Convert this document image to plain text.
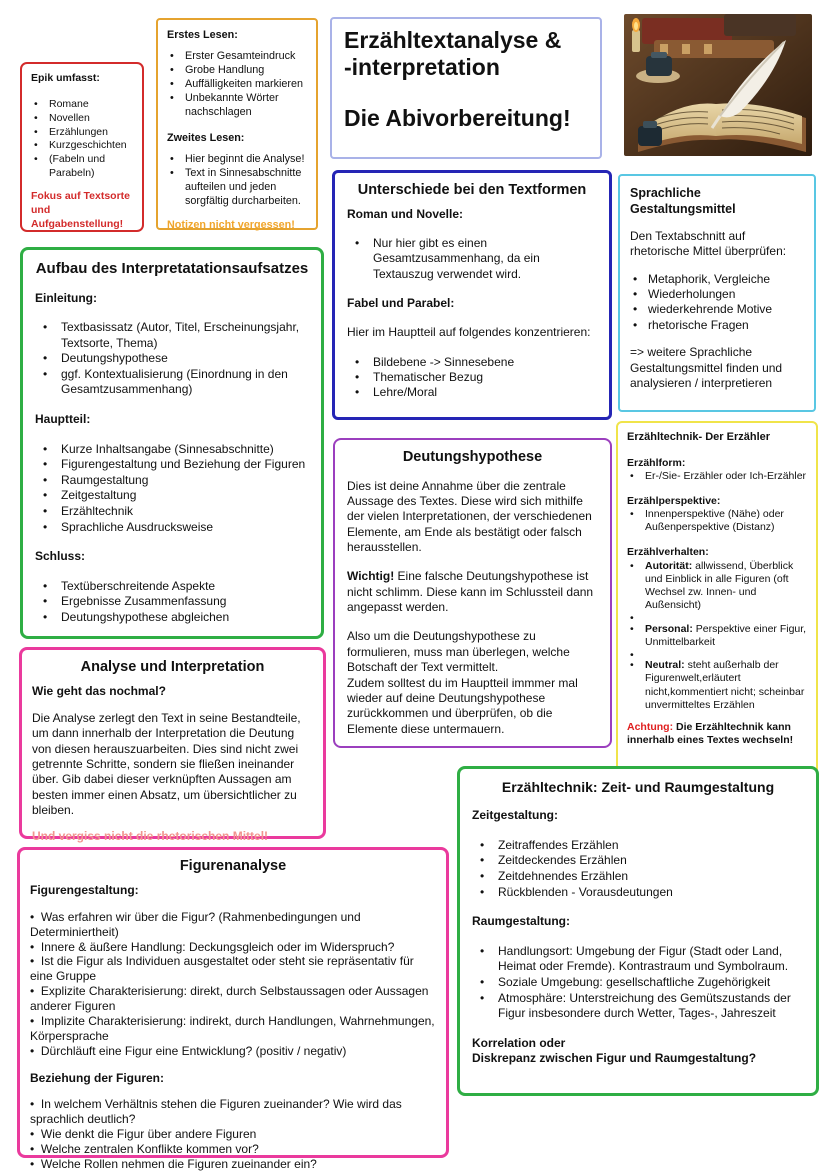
Epik umfasst:
• Romane
• Novellen
• Erzählungen
• Kurzgeschichten
• (Fabeln und Parabeln)
Fokus auf Textsorte und Aufgabenstellung!
Erstes Lesen:
• Erster Gesamteindruck
• Grobe Handlung
• Auffälligkeiten markieren
• Unbekannte Wörter nachschlagen
Zweites Lesen:
• Hier beginnt die Analyse!
• Text in Sinnesabschnitte aufteilen und jeden sorgfältig durcharbeiten.
Notizen nicht vergessen!
Erzähltextanalyse &
-interpretation
Die Abivorbereitung!
Unterschiede bei den Textformen
Roman und Novelle:
• Nur hier gibt es einen Gesamtzusammenhang, da ein Textauszug verwendet wird.
Fabel und Parabel:
Hier im Hauptteil auf folgendes konzentrieren:
• Bildebene -> Sinnesebene
• Thematischer Bezug
• Lehre/Moral
Sprachliche
Gestaltungsmittel
Den Textabschnitt auf rhetorische Mittel überprüfen:
• Metaphorik, Vergleiche
• Wiederholungen
• wiederkehrende Motive
• rhetorische Fragen
=> weitere Sprachliche Gestaltungsmittel finden und analysieren / interpretieren
Aufbau des Interpretatationsaufsatzes
Einleitung:
• Textbasissatz (Autor, Titel, Erscheinungsjahr, Textsorte, Thema)
• Deutungshypothese
• ggf. Kontextualisierung (Einordnung in den Gesamtzusammenhang)
Hauptteil:
• Kurze Inhaltsangabe (Sinnesabschnitte)
• Figurengestaltung und Beziehung der Figuren
• Raumgestaltung
• Zeitgestaltung
• Erzähltechnik
• Sprachliche Ausdrucksweise
Schluss:
• Textüberschreitende Aspekte
• Ergebnisse Zusammenfassung
• Deutungshypothese abgleichen
Erzähltechnik- Der Erzähler
Erzählform:
• Er-/Sie- Erzähler oder Ich-Erzähler
Erzählperspektive:
• Innenperspektive (Nähe) oder Außenperspektive (Distanz)
Erzählverhalten:
• Autorität: allwissend, Überblick und Einblick in alle Figuren (oft Wechsel zw. Innen- und Außensicht)
•
• Personal: Perspektive einer Figur, Unmittelbarkeit
•
• Neutral: steht außerhalb der Figurenwelt,erläutert nicht,kommentiert nicht; scheinbar unvermitteltes Erzählen
Achtung: Die Erzähltechnik kann innerhalb eines Textes wechseln!
Deutungshypothese
Dies ist deine Annahme über die zentrale Aussage des Textes. Diese wird sich mithilfe der vielen Interpretationen, der verschiedenen Elemente, am Ende als bestätigt oder falsch herausstellen.
Wichtig! Eine falsche Deutungshypothese ist nicht schlimm. Diese kann im Schlussteil dann angepasst werden.
Also um die Deutungshypothese zu formulieren, muss man überlegen, welche Botschaft der Text vermittelt.
Zudem solltest du im Hauptteil immmer mal wieder auf deine Deutungshypothese zurückkommen und überprüfen, ob die Elemente diese untermauern.
Analyse und Interpretation
Wie geht das nochmal?
Die Analyse zerlegt den Text in seine Bestandteile, um dann innerhalb der Interpretation die Deutung von diesen herauszuarbeiten. Dies sind nicht zwei getrennte Schritte, sondern sie fließen ineinander über. Gib dabei dieser verknüpften Aussagen am besten immer einen Absatz, um übersichtlicher zu bleiben.
Und vergiss nicht die rhetorischen Mittel!
Figurenanalyse
Figurengestaltung:
•  Was erfahren wir über die Figur? (Rahmenbedingungen und Determiniertheit)
•  Innere & äußere Handlung: Deckungsgleich oder im Widerspruch?
•  Ist die Figur als Individuen ausgestaltet oder steht sie repräsentativ für eine Gruppe
•  Explizite Charakterisierung: direkt, durch Selbstaussagen oder Aussagen anderer Figuren
•  Implizite Charakterisierung: indirekt, durch Handlungen, Wahrnehmungen, Körpersprache
•  Dürchläuft eine Figur eine Entwicklung? (positiv / negativ)
Beziehung der Figuren:
•  In welchem Verhältnis stehen die Figuren zueinander? Wie wird das sprachlich deutlich?
•  Wie denkt die Figur über andere Figuren
•  Welche zentralen Konflikte kommen vor?
•  Welche Rollen nehmen die Figuren zueinander ein?
Erzähltechnik: Zeit- und Raumgestaltung
Zeitgestaltung:
• Zeitraffendes Erzählen
• Zeitdeckendes Erzählen
• Zeitdehnendes Erzählen
• Rückblenden - Vorausdeutungen
Raumgestaltung:
• Handlungsort: Umgebung der Figur (Stadt oder Land, Heimat oder Fremde). Kontrastraum und Symbolraum.
• Soziale Umgebung: gesellschaftliche Zugehörigkeit
• Atmosphäre: Unterstreichung des Gemütszustands der Figur insbesondere durch Wetter, Tages-, Jahreszeit
Korrelation oder
Diskrepanz zwischen Figur und Raumgestaltung?
